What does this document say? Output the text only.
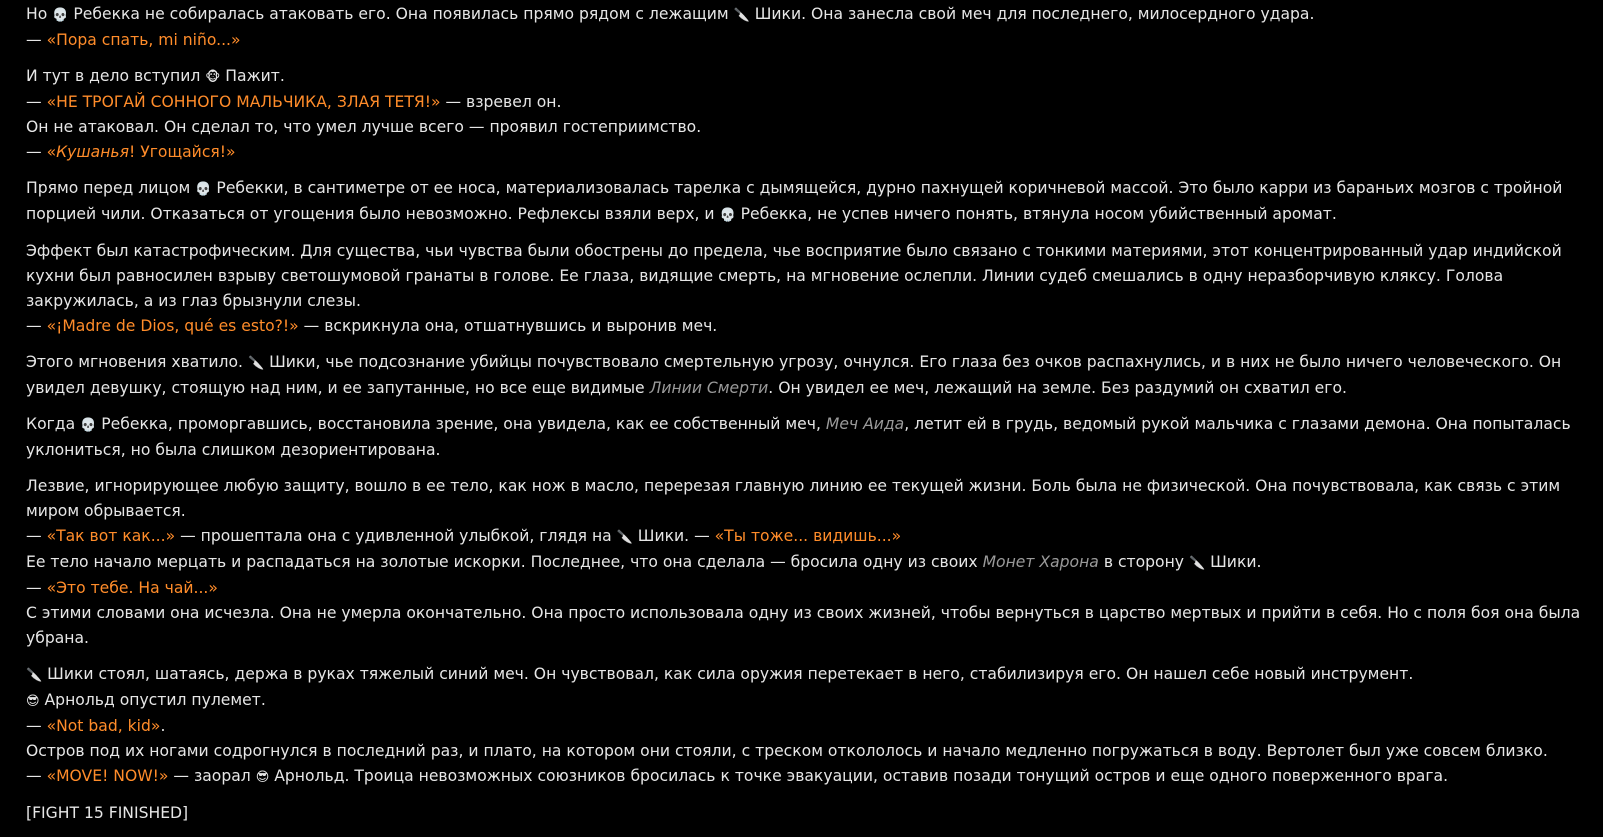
Но 💀 Ребекка не собиралась атаковать его. Она появилась прямо рядом с лежащим 🔪 Шики. Она занесла свой меч для последнего, милосердного удара.
— «Пора спать, mi niño...»
И тут в дело вступил 🐵 Пажит.
— «НЕ ТРОГАЙ СОННОГО МАЛЬЧИКА, ЗЛАЯ ТЕТЯ!» — взревел он.
Он не атаковал. Он сделал то, что умел лучше всего — проявил гостеприимство.
— «Кушанья! Угощайся!»
Прямо перед лицом 💀 Ребекки, в сантиметре от ее носа, материализовалась тарелка с дымящейся, дурно пахнущей коричневой массой. Это было карри из бараньих мозгов с тройной
порцией чили. Отказаться от угощения было невозможно. Рефлексы взяли верх, и 💀 Ребекка, не успев ничего понять, втянула носом убийственный аромат.
Эффект был катастрофическим. Для существа, чьи чувства были обострены до предела, чье восприятие было связано с тонкими материями, этот концентрированный удар индийской
кухни был равносилен взрыву светошумовой гранаты в голове. Ее глаза, видящие смерть, на мгновение ослепли. Линии судеб смешались в одну неразборчивую кляксу. Голова
закружилась, а из глаз брызнули слезы.
— «¡Madre de Dios, qué es esto?!» — вскрикнула она, отшатнувшись и выронив меч.
Этого мгновения хватило. 🔪 Шики, чье подсознание убийцы почувствовало смертельную угрозу, очнулся. Его глаза без очков распахнулись, и в них не было ничего человеческого. Он
увидел девушку, стоящую над ним, и ее запутанные, но все еще видимые Линии Смерти. Он увидел ее меч, лежащий на земле. Без раздумий он схватил его.
Когда 💀 Ребекка, проморгавшись, восстановила зрение, она увидела, как ее собственный меч, Меч Аида, летит ей в грудь, ведомый рукой мальчика с глазами демона. Она попыталась
уклониться, но была слишком дезориентирована.
Лезвие, игнорирующее любую защиту, вошло в ее тело, как нож в масло, перерезая главную линию ее текущей жизни. Боль была не физической. Она почувствовала, как связь с этим
миром обрывается.
— «Так вот как...» — прошептала она с удивленной улыбкой, глядя на 🔪 Шики. — «Ты тоже... видишь...»
Ее тело начало мерцать и распадаться на золотые искорки. Последнее, что она сделала — бросила одну из своих Монет Харона в сторону 🔪 Шики.
— «Это тебе. На чай...»
С этими словами она исчезла. Она не умерла окончательно. Она просто использовала одну из своих жизней, чтобы вернуться в царство мертвых и прийти в себя. Но с поля боя она была
убрана.
🔪 Шики стоял, шатаясь, держа в руках тяжелый синий меч. Он чувствовал, как сила оружия перетекает в него, стабилизируя его. Он нашел себе новый инструмент.
😎 Арнольд опустил пулемет.
— «Not bad, kid».
Остров под их ногами содрогнулся в последний раз, и плато, на котором они стояли, с треском откололось и начало медленно погружаться в воду. Вертолет был уже совсем близко.
— «MOVE! NOW!» — заорал 😎 Арнольд. Троица невозможных союзников бросилась к точке эвакуации, оставив позади тонущий остров и еще одного поверженного врага.
[FIGHT 15 FINISHED]
